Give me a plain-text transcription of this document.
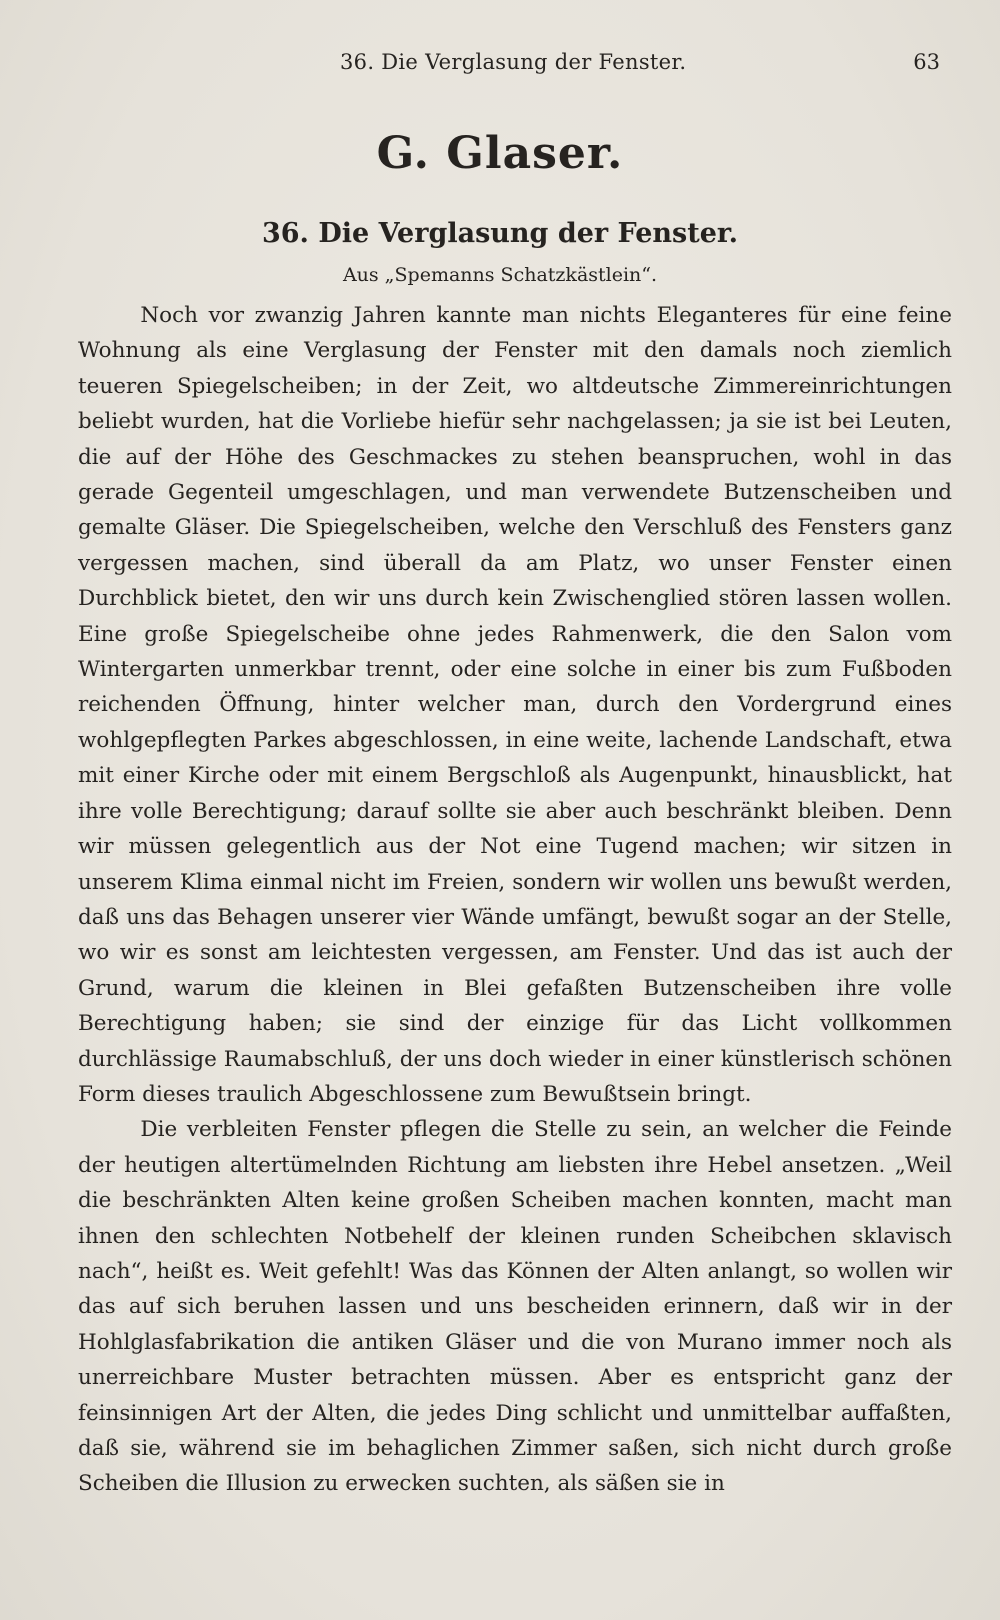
36. Die Verglasung der Fenster.	63
G. Glaser.
36. Die Verglasung der Fenster.
Aus „Spemanns Schatzkästlein“.

Noch vor zwanzig Jahren kannte man nichts Eleganteres für eine feine Wohnung als eine Verglasung der Fenster mit den damals noch ziemlich teueren Spiegelscheiben; in der Zeit, wo altdeutsche Zimmereinrichtungen beliebt wurden, hat die Vorliebe hiefür sehr nachgelassen; ja sie ist bei Leuten, die auf der Höhe des Geschmackes zu stehen beanspruchen, wohl in das gerade Gegenteil umgeschlagen, und man verwendete Butzenscheiben und gemalte Gläser. Die Spiegelscheiben, welche den Verschluß des Fensters ganz vergessen machen, sind überall da am Platz, wo unser Fenster einen Durchblick bietet, den wir uns durch kein Zwischenglied stören lassen wollen. Eine große Spiegelscheibe ohne jedes Rahmenwerk, die den Salon vom Wintergarten unmerkbar trennt, oder eine solche in einer bis zum Fußboden reichenden Öffnung, hinter welcher man, durch den Vordergrund eines wohlgepflegten Parkes abgeschlossen, in eine weite, lachende Landschaft, etwa mit einer Kirche oder mit einem Bergschloß als Augenpunkt, hinausblickt, hat ihre volle Berechtigung; darauf sollte sie aber auch beschränkt bleiben. Denn wir müssen gelegentlich aus der Not eine Tugend machen; wir sitzen in unserem Klima einmal nicht im Freien, sondern wir wollen uns bewußt werden, daß uns das Behagen unserer vier Wände umfängt, bewußt sogar an der Stelle, wo wir es sonst am leichtesten vergessen, am Fenster. Und das ist auch der Grund, warum die kleinen in Blei gefaßten Butzenscheiben ihre volle Berechtigung haben; sie sind der einzige für das Licht vollkommen durchlässige Raumabschluß, der uns doch wieder in einer künstlerisch schönen Form dieses traulich Abgeschlossene zum Bewußtsein bringt.

Die verbleiten Fenster pflegen die Stelle zu sein, an welcher die Feinde der heutigen altertümelnden Richtung am liebsten ihre Hebel ansetzen. „Weil die beschränkten Alten keine großen Scheiben machen konnten, macht man ihnen den schlechten Notbehelf der kleinen runden Scheibchen sklavisch nach“, heißt es. Weit gefehlt! Was das Können der Alten anlangt, so wollen wir das auf sich beruhen lassen und uns bescheiden erinnern, daß wir in der Hohlglasfabrikation die antiken Gläser und die von Murano immer noch als unerreichbare Muster betrachten müssen. Aber es entspricht ganz der feinsinnigen Art der Alten, die jedes Ding schlicht und unmittelbar auffaßten, daß sie, während sie im behaglichen Zimmer saßen, sich nicht durch große Scheiben die Illusion zu erwecken suchten, als säßen sie in
